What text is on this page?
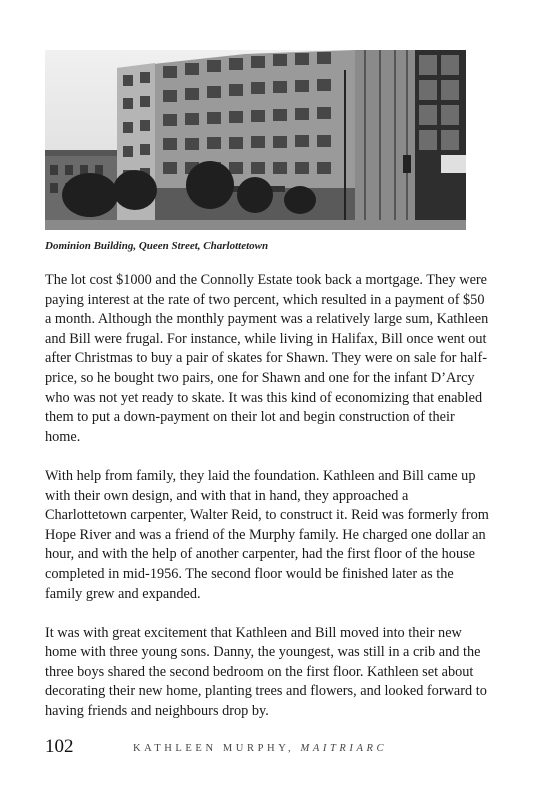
Dominion Building, Queen Street, Charlottetown

The lot cost $1000 and the Connolly Estate took back a mortgage. They were paying interest at the rate of two percent, which resulted in a payment of $50 a month. Although the monthly payment was a relatively large sum, Kathleen and Bill were frugal. For instance, while living in Halifax, Bill once went out after Christmas to buy a pair of skates for Shawn. They were on sale for half-price, so he bought two pairs, one for Shawn and one for the infant D’Arcy who was not yet ready to skate. It was this kind of economizing that enabled them to put a down-payment on their lot and begin construction of their home.

With help from family, they laid the foundation. Kathleen and Bill came up with their own design, and with that in hand, they approached a Charlottetown carpenter, Walter Reid, to construct it. Reid was formerly from Hope River and was a friend of the Murphy family. He charged one dollar an hour, and with the help of another carpenter, had the first floor of the house completed in mid-1956. The second floor would be finished later as the family grew and expanded.

It was with great excitement that Kathleen and Bill moved into their new home with three young sons. Danny, the youngest, was still in a crib and the three boys shared the second bedroom on the first floor. Kathleen set about decorating their new home, planting trees and flowers, and looked forward to having friends and neighbours drop by.

102	KATHLEEN MURPHY, MAITRIARC
